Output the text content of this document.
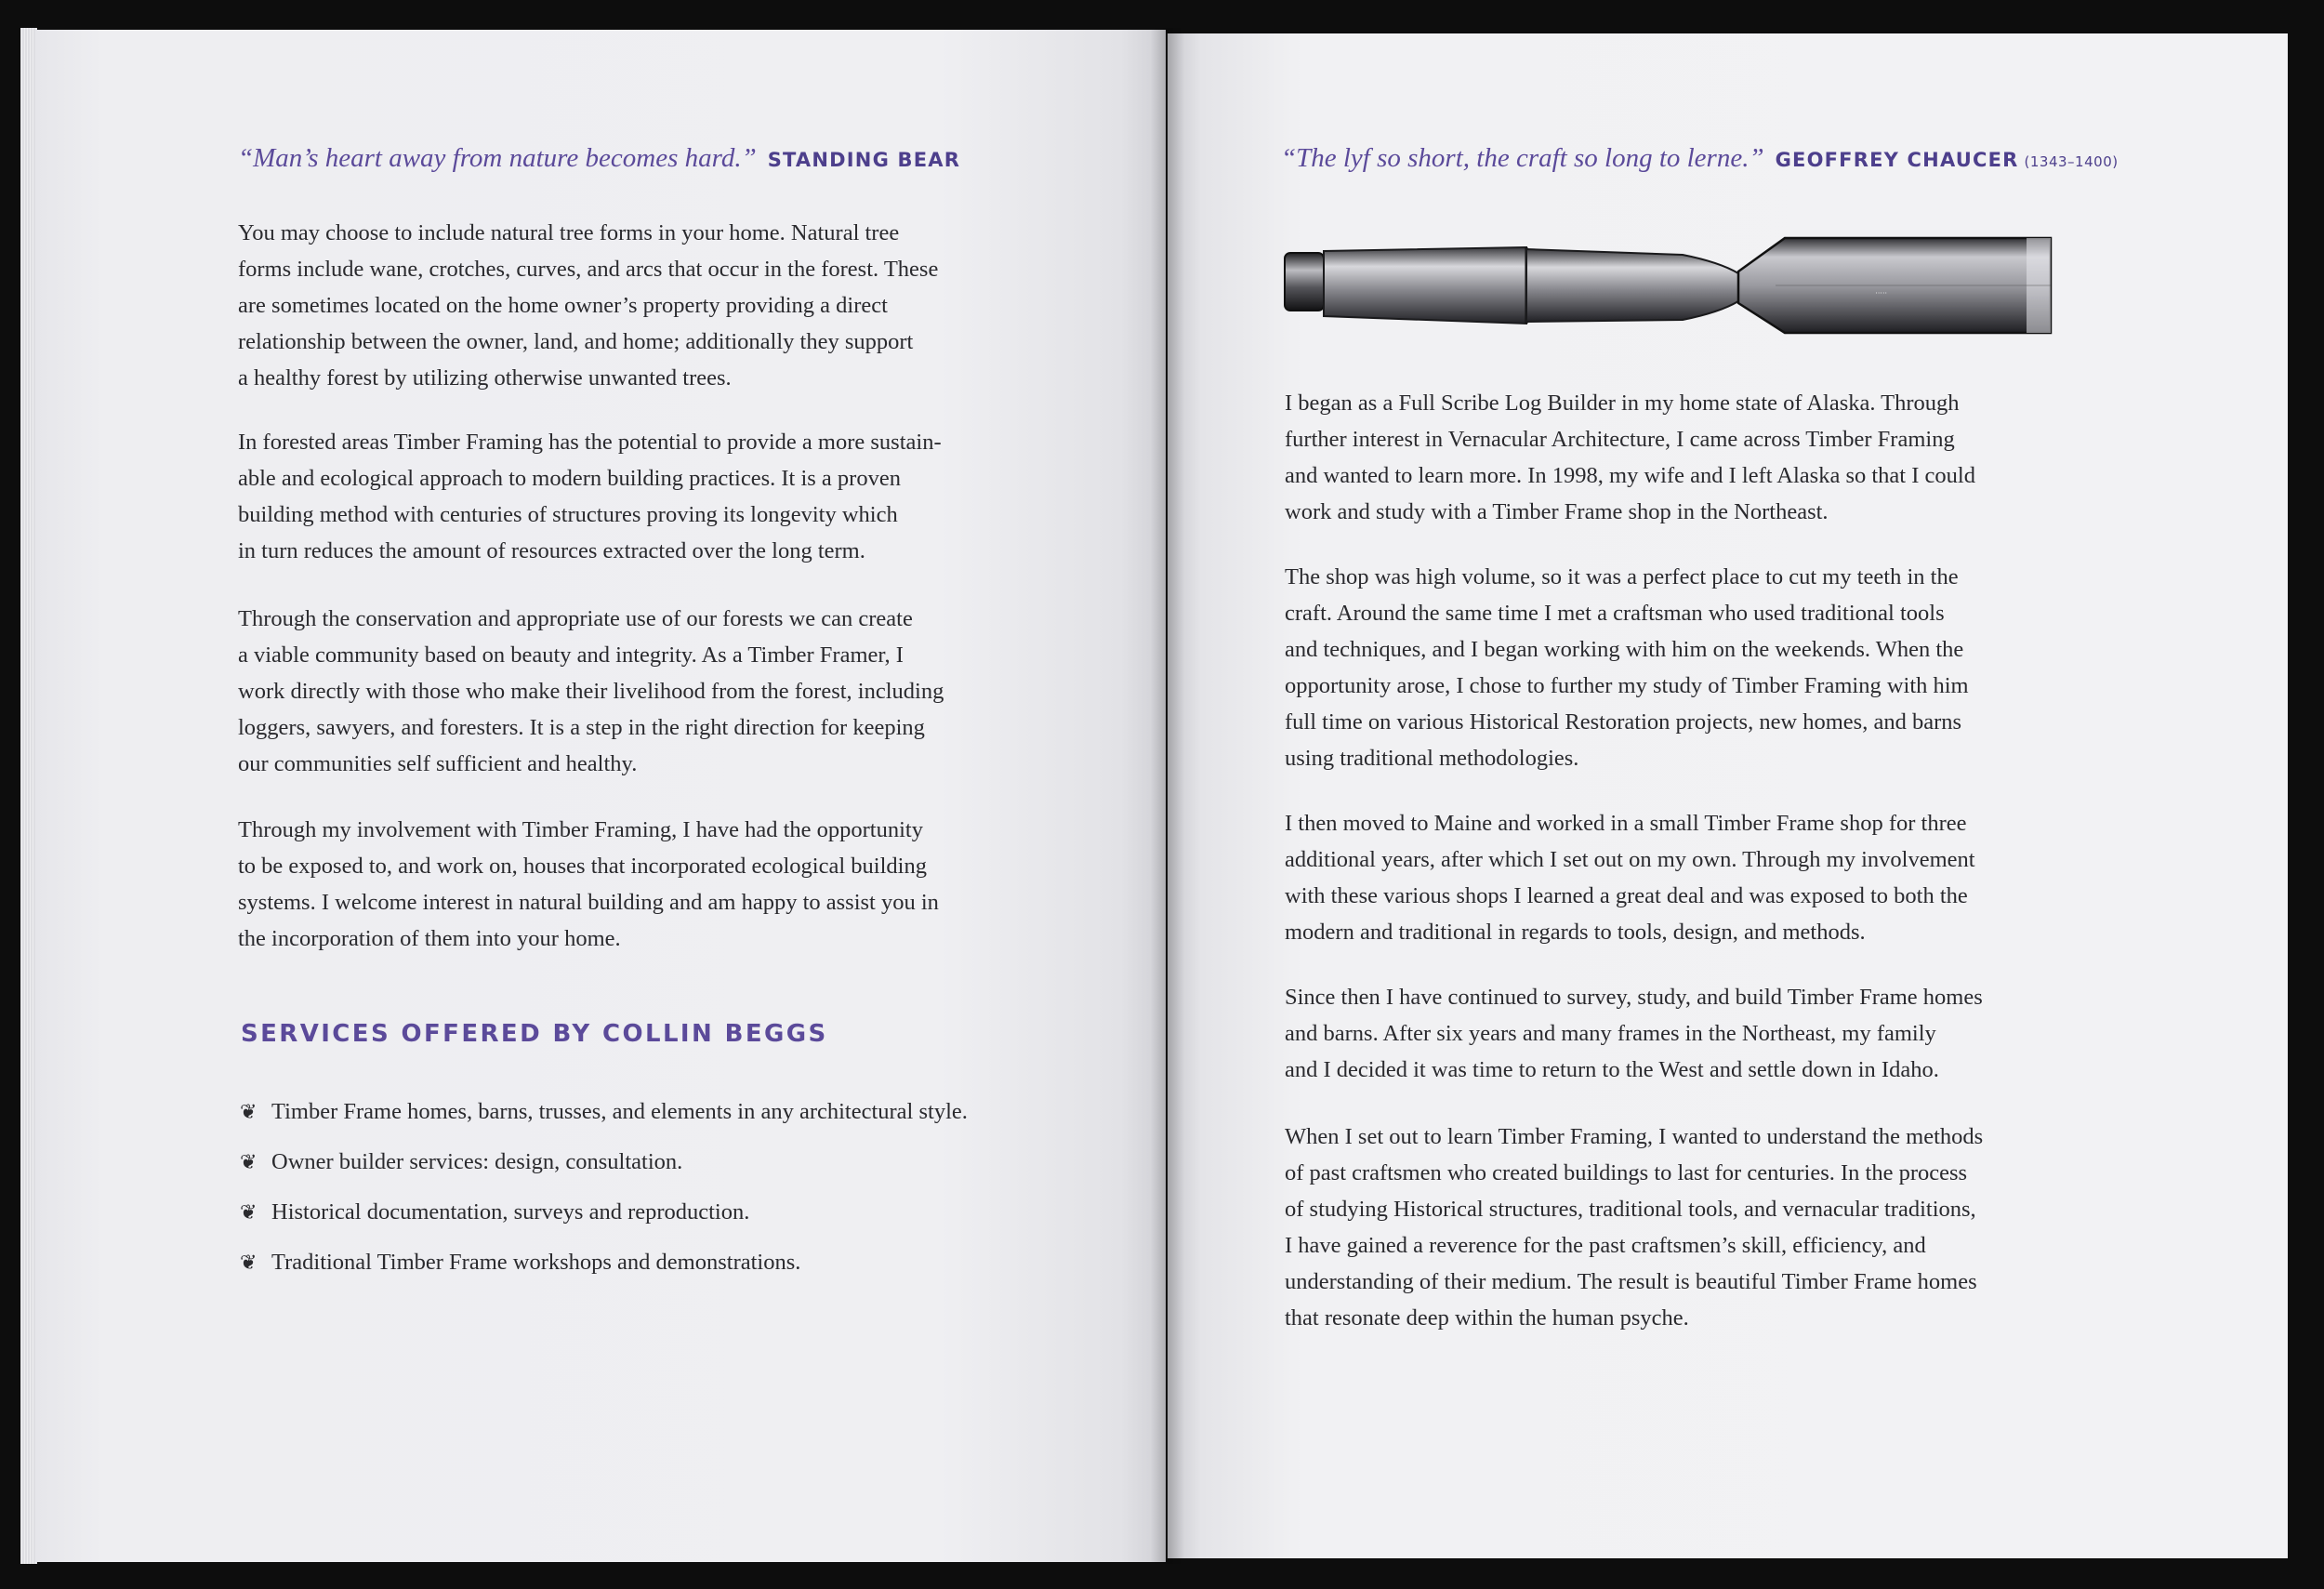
“Man’s heart away from nature becomes hard.” STANDING BEAR

You may choose to include natural tree forms in your home. Natural tree
forms include wane, crotches, curves, and arcs that occur in the forest. These
are sometimes located on the home owner’s property providing a direct
relationship between the owner, land, and home; additionally they support
a healthy forest by utilizing otherwise unwanted trees.

In forested areas Timber Framing has the potential to provide a more sustain-
able and ecological approach to modern building practices. It is a proven
building method with centuries of structures proving its longevity which
in turn reduces the amount of resources extracted over the long term.

Through the conservation and appropriate use of our forests we can create
a viable community based on beauty and integrity. As a Timber Framer, I
work directly with those who make their livelihood from the forest, including
loggers, sawyers, and foresters. It is a step in the right direction for keeping
our communities self sufficient and healthy.

Through my involvement with Timber Framing, I have had the opportunity
to be exposed to, and work on, houses that incorporated ecological building
systems. I welcome interest in natural building and am happy to assist you in
the incorporation of them into your home.

SERVICES OFFERED BY COLLIN BEGGS
❦ Timber Frame homes, barns, trusses, and elements in any architectural style.
❦ Owner builder services: design, consultation.
❦ Historical documentation, surveys and reproduction.
❦ Traditional Timber Frame workshops and demonstrations.
“The lyf so short, the craft so long to lerne.” GEOFFREY CHAUCER (1343–1400)
·····

I began as a Full Scribe Log Builder in my home state of Alaska. Through
further interest in Vernacular Architecture, I came across Timber Framing
and wanted to learn more. In 1998, my wife and I left Alaska so that I could
work and study with a Timber Frame shop in the Northeast.

The shop was high volume, so it was a perfect place to cut my teeth in the
craft. Around the same time I met a craftsman who used traditional tools
and techniques, and I began working with him on the weekends. When the
opportunity arose, I chose to further my study of Timber Framing with him
full time on various Historical Restoration projects, new homes, and barns
using traditional methodologies.

I then moved to Maine and worked in a small Timber Frame shop for three
additional years, after which I set out on my own. Through my involvement
with these various shops I learned a great deal and was exposed to both the
modern and traditional in regards to tools, design, and methods.

Since then I have continued to survey, study, and build Timber Frame homes
and barns. After six years and many frames in the Northeast, my family
and I decided it was time to return to the West and settle down in Idaho.

When I set out to learn Timber Framing, I wanted to understand the methods
of past craftsmen who created buildings to last for centuries. In the process
of studying Historical structures, traditional tools, and vernacular traditions,
I have gained a reverence for the past craftsmen’s skill, efficiency, and
understanding of their medium. The result is beautiful Timber Frame homes
that resonate deep within the human psyche.
